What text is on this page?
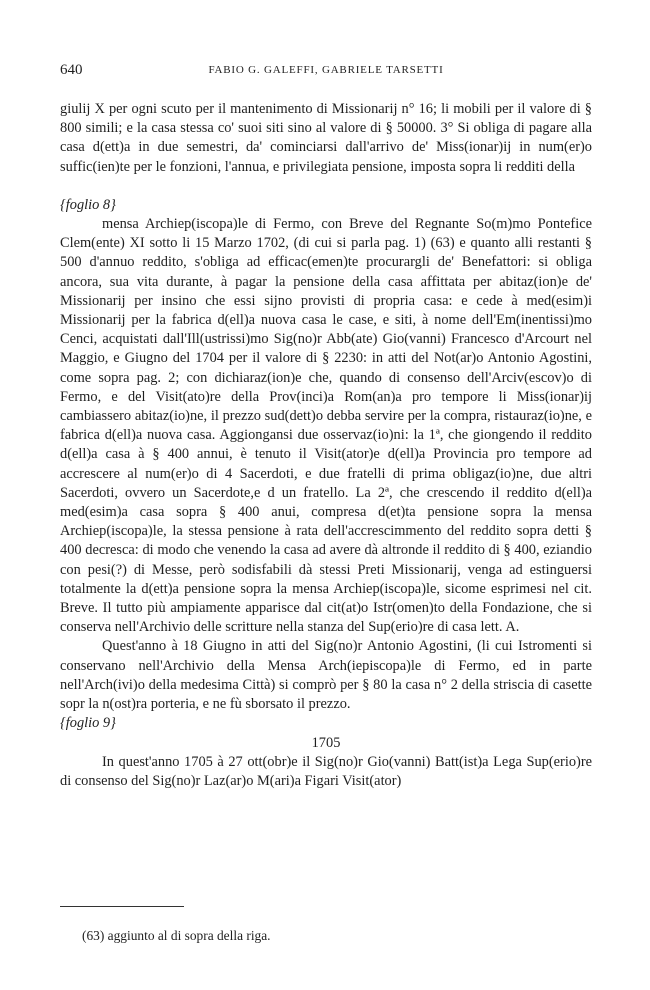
640	FABIO G. GALEFFI, GABRIELE TARSETTI

giulij X per ogni scuto per il mantenimento di Missionarij n° 16; li mobili per il valore di § 800 simili; e la casa stessa co' suoi siti sino al valore di § 50000. 3° Si obliga di pagare alla casa d(ett)a in due semestri, da' cominciarsi dall'arrivo de' Miss(ionar)ij in num(er)o suffic(ien)te per le fonzioni, l'annua, e privilegiata pensione, imposta sopra li redditi della

{foglio 8}

mensa Archiep(iscopa)le di Fermo, con Breve del Regnante So(m)mo Pontefice Clem(ente) XI sotto li 15 Marzo 1702, (di cui si parla pag. 1) (63) e quanto alli restanti § 500 d'annuo reddito, s'obliga ad efficac(emen)te procurargli de' Benefattori: si obliga ancora, sua vita durante, à pagar la pensione della casa affittata per abitaz(ion)e de' Missionarij per insino che essi sijno provisti di propria casa: e cede à med(esim)i Missionarij per la fabrica d(ell)a nuova casa le case, e siti, à nome dell'Em(inentissi)mo Cenci, acquistati dall'Ill(ustrissi)mo Sig(no)r Abb(ate) Gio(vanni) Francesco d'Arcourt nel Maggio, e Giugno del 1704 per il valore di § 2230: in atti del Not(ar)o Antonio Agostini, come sopra pag. 2; con dichiaraz(ion)e che, quando di consenso dell'Arciv(escov)o di Fermo, e del Visit(ato)re della Prov(inci)a Rom(an)a pro tempore li Miss(ionar)ij cambiassero abitaz(io)ne, il prezzo sud(dett)o debba servire per la compra, ristauraz(io)ne, e fabrica d(ell)a nuova casa. Aggiongansi due osservaz(io)ni: la 1ª, che giongendo il reddito d(ell)a casa à § 400 annui, è tenuto il Visit(ator)e d(ell)a Provincia pro tempore ad accrescere al num(er)o di 4 Sacerdoti, e due fratelli di prima obligaz(io)ne, due altri Sacerdoti, ovvero un Sacerdote,e d un fratello. La 2ª, che crescendo il reddito d(ell)a med(esim)a casa sopra § 400 anui, compresa d(et)ta pensione sopra la mensa Archiep(iscopa)le, la stessa pensione à rata dell'accrescimmento del reddito sopra detti § 400 decresca: di modo che venendo la casa ad avere dà altronde il reddito di § 400, eziandio con pesi(?) di Messe, però sodisfabili dà stessi Preti Missionarij, venga ad estinguersi totalmente la d(ett)a pensione sopra la mensa Archiep(iscopa)le, sicome esprimesi nel cit. Breve. Il tutto più ampiamente apparisce dal cit(at)o Istr(omen)to della Fondazione, che si conserva nell'Archivio delle scritture nella stanza del Sup(erio)re di casa lett. A.

Quest'anno à 18 Giugno in atti del Sig(no)r Antonio Agostini, (li cui Istromenti si conservano nell'Archivio della Mensa Arch(iepiscopa)le di Fermo, ed in parte nell'Arch(ivi)o della medesima Città) si comprò per § 80 la casa n° 2 della striscia di casette sopr la n(ost)ra porteria, e ne fù sborsato il prezzo.

{foglio 9}

1705

In quest'anno 1705 à 27 ott(obr)e il Sig(no)r Gio(vanni) Batt(ist)a Lega Sup(erio)re di consenso del Sig(no)r Laz(ar)o M(ari)a Figari Visit(ator)

(63) aggiunto al di sopra della riga.
